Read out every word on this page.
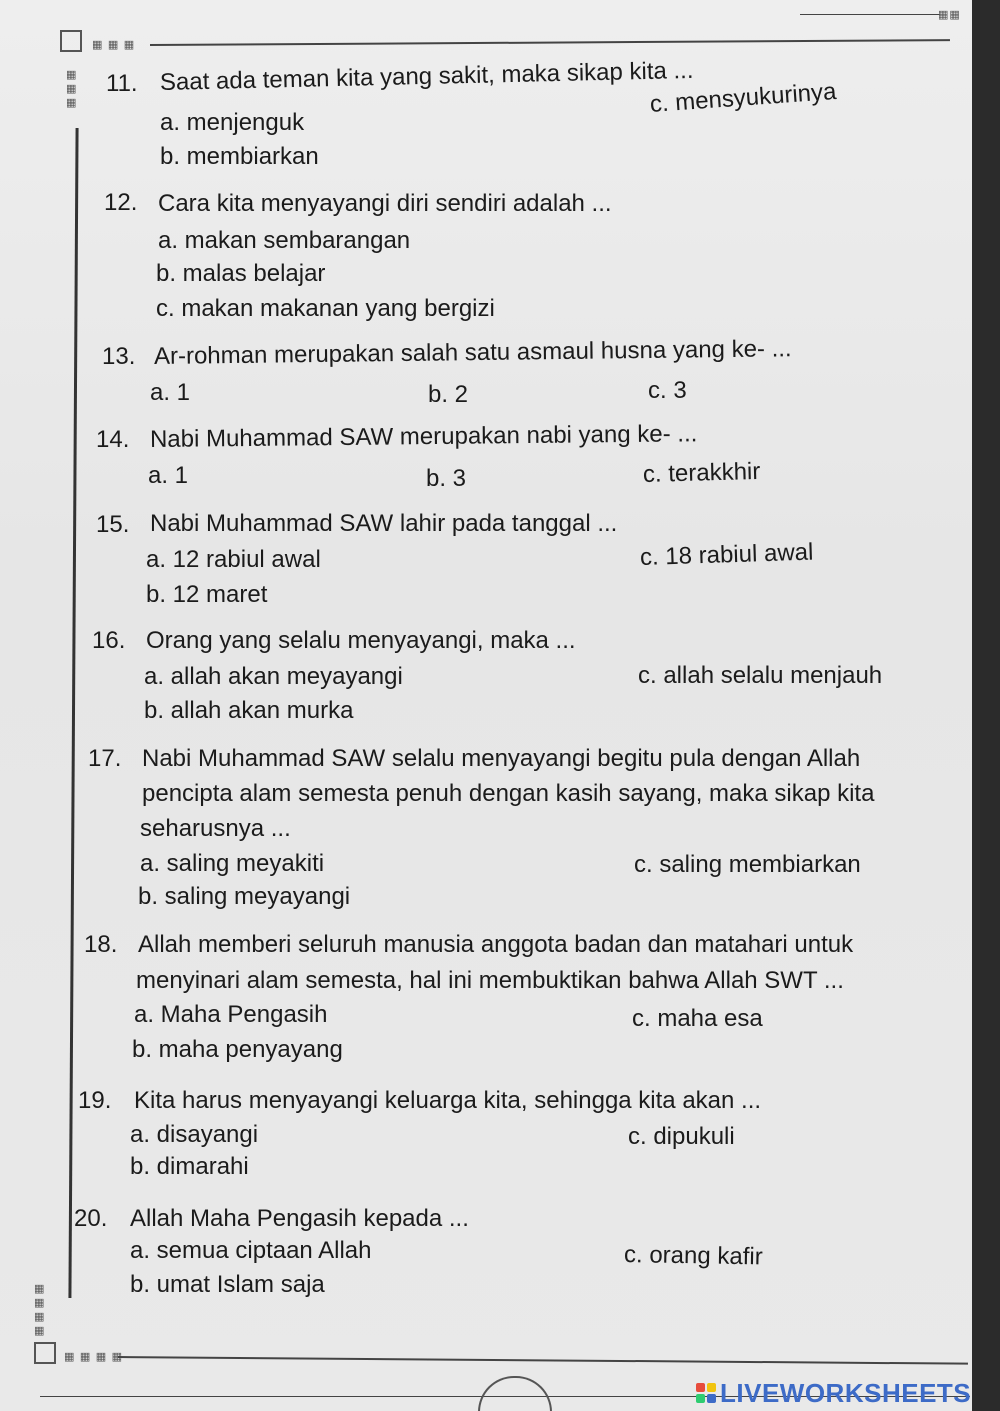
▦ ▦ ▦
▦▦
▦
▦
▦
▦
▦
▦
▦
▦ ▦ ▦ ▦
11. Saat ada teman kita yang sakit, maka sikap kita ...
a. menjenguk
b. membiarkan
c. mensyukurinya
12. Cara kita menyayangi diri sendiri adalah ...
a. makan sembarangan
b. malas belajar
c. makan makanan yang bergizi
13. Ar-rohman merupakan salah satu asmaul husna yang ke- ...
a. 1	b. 2	c. 3
14. Nabi Muhammad SAW merupakan nabi yang ke- ...
a. 1	b. 3	c. terakkhir
15. Nabi Muhammad SAW lahir pada tanggal ...
a. 12 rabiul awal
b. 12 maret
c. 18 rabiul awal
16. Orang yang selalu menyayangi, maka ...
a. allah akan meyayangi
b. allah akan murka
c. allah selalu menjauh
17. Nabi Muhammad SAW selalu menyayangi begitu pula dengan Allah
pencipta alam semesta penuh dengan kasih sayang, maka sikap kita
seharusnya ...
a. saling meyakiti
b. saling meyayangi
c. saling membiarkan
18. Allah memberi seluruh manusia anggota badan dan matahari untuk
menyinari alam semesta, hal ini membuktikan bahwa Allah SWT ...
a. Maha Pengasih
b. maha penyayang
c. maha esa
19. Kita harus menyayangi keluarga kita, sehingga kita akan ...
a. disayangi
b. dimarahi
c. dipukuli
20. Allah Maha Pengasih kepada ...
a. semua ciptaan Allah
b. umat Islam saja
c. orang kafir
LIVEWORKSHEETS
